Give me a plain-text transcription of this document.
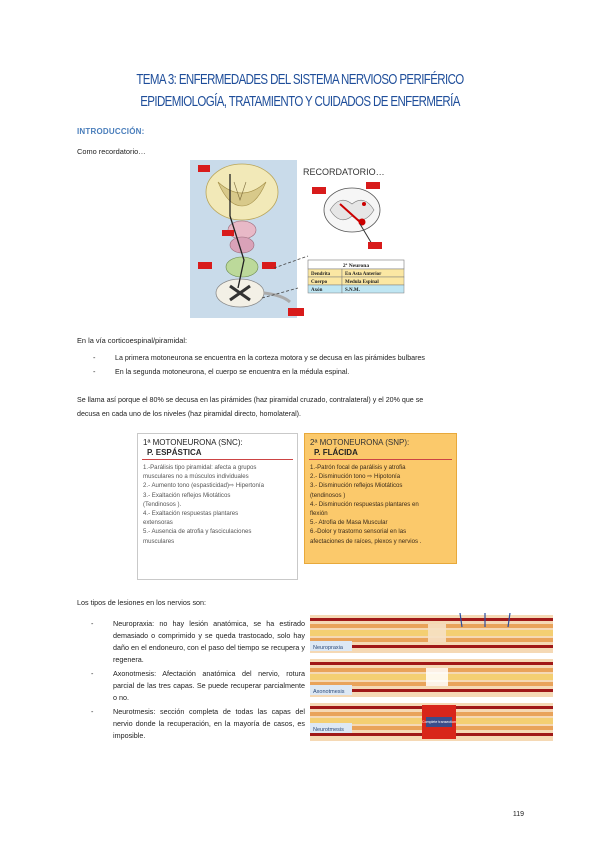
TEMA 3: ENFERMEDADES DEL SISTEMA NERVIOSO PERIFÉRICO
EPIDEMIOLOGÍA, TRATAMIENTO Y CUIDADOS DE ENFERMERÍA
INTRODUCCIÓN:
Como recordatorio…
RECORDATORIO…
2ª Neurona
Dendrita	En Asta Anterior
Cuerpo	Medula Espinal
Axón	S.N.M.
En la vía corticoespinal/piramidal:
-	La primera motoneurona se encuentra en la corteza motora y se decusa en las pirámides bulbares
-	En la segunda motoneurona, el cuerpo se encuentra en la médula espinal.
Se llama así porque el 80% se decusa en las pirámides (haz piramidal cruzado, contralateral) y el 20% que se
decusa en cada uno de los niveles (haz piramidal directo, homolateral).
1ª MOTONEURONA (SNC):
P. ESPÁSTICA
1.-Parálisis tipo piramidal: afecta a grupos
musculares no a músculos individuales
2.- Aumento tono (espasticidad)⇨ Hipertonía
3.- Exaltación reflejos Miotáticos
(Tendinosos ).
4.- Exaltación respuestas plantares
extensoras
5.- Ausencia de atrofia y fasciculaciones
musculares
2ª MOTONEURONA (SNP):
P. FLÁCIDA
1.-Patrón focal de parálisis y atrofia
2.- Disminución tono ⇨ Hipotonía
3.- Disminución reflejos Miotáticos
(tendinosos )
4.- Disminución respuestas plantares en
flexión
5.- Atrofia de Masa Muscular
6.-Dolor y trastorno sensorial en las
afectaciones de raíces, plexos y nervios .
Los tipos de lesiones en los nervios son:
- Neuropraxia: no hay lesión anatómica, se ha estirado demasiado o comprimido y se queda trastocado, solo hay daño en el endoneuro, con el paso del tiempo se recupera y regenera.
- Axonotmesis: Afectación anatómica del nervio, rotura parcial de las tres capas. Se puede recuperar parcialmente o no.
- Neurotmesis: sección completa de todas las capas del nervio donde la recuperación, en la mayoría de casos, es imposible.
Neuropraxia
Axonotmesis
Neurotmesis
Complete transection
119
